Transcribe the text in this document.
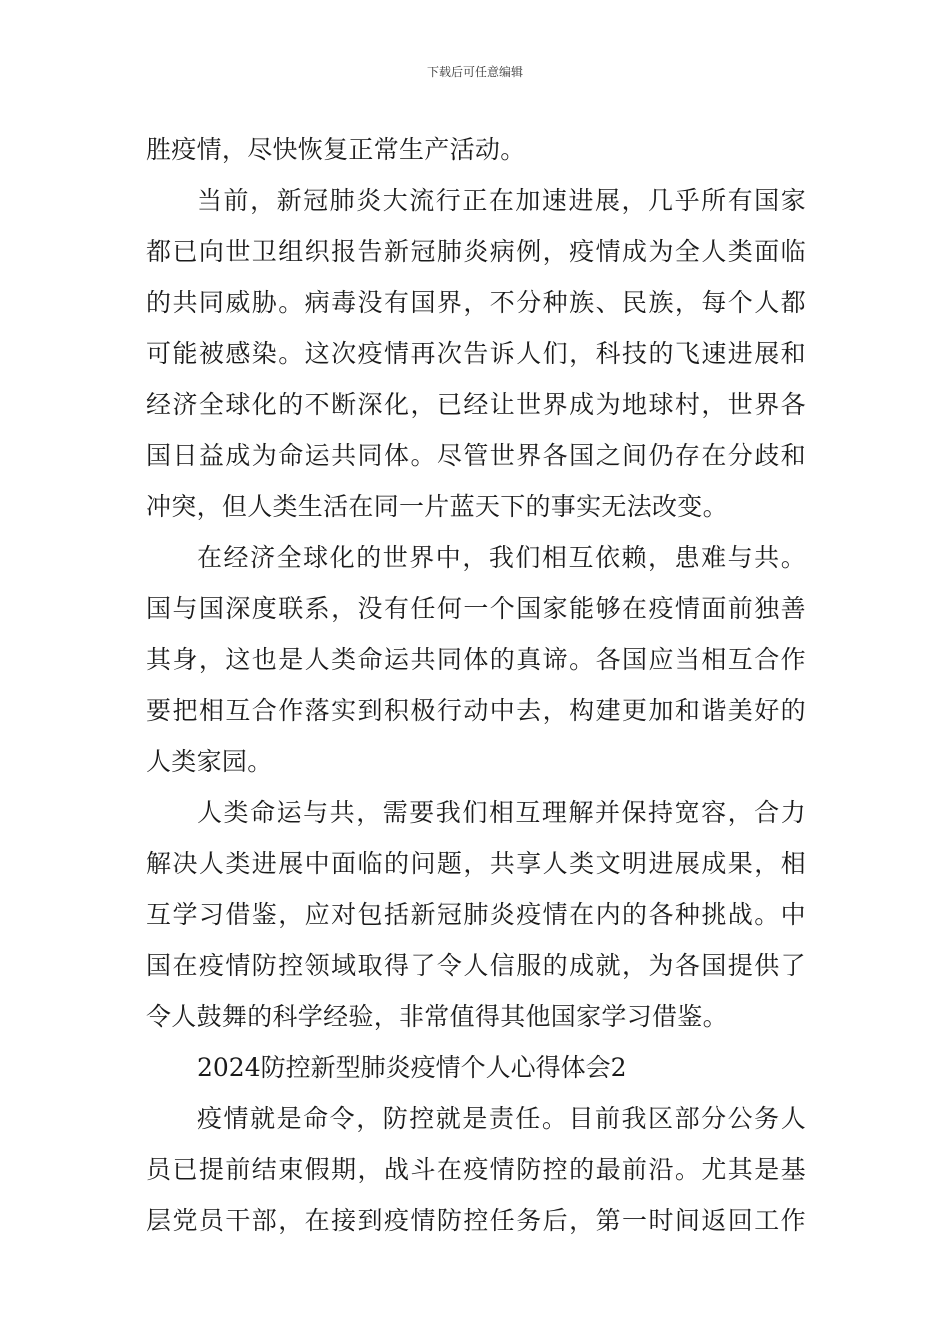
下载后可任意编辑
胜疫情，尽快恢复正常生产活动。
当前，新冠肺炎大流行正在加速进展，几乎所有国家
都已向世卫组织报告新冠肺炎病例，疫情成为全人类面临
的共同威胁。病毒没有国界，不分种族、民族，每个人都
可能被感染。这次疫情再次告诉人们，科技的飞速进展和
经济全球化的不断深化，已经让世界成为地球村，世界各
国日益成为命运共同体。尽管世界各国之间仍存在分歧和
冲突，但人类生活在同一片蓝天下的事实无法改变。
在经济全球化的世界中，我们相互依赖，患难与共。
国与国深度联系，没有任何一个国家能够在疫情面前独善
其身，这也是人类命运共同体的真谛。各国应当相互合作
要把相互合作落实到积极行动中去，构建更加和谐美好的
人类家园。
人类命运与共，需要我们相互理解并保持宽容，合力
解决人类进展中面临的问题，共享人类文明进展成果，相
互学习借鉴，应对包括新冠肺炎疫情在内的各种挑战。中
国在疫情防控领域取得了令人信服的成就，为各国提供了
令人鼓舞的科学经验，非常值得其他国家学习借鉴。
2024防控新型肺炎疫情个人心得体会2
疫情就是命令，防控就是责任。目前我区部分公务人
员已提前结束假期，战斗在疫情防控的最前沿。尤其是基
层党员干部，在接到疫情防控任务后，第一时间返回工作
